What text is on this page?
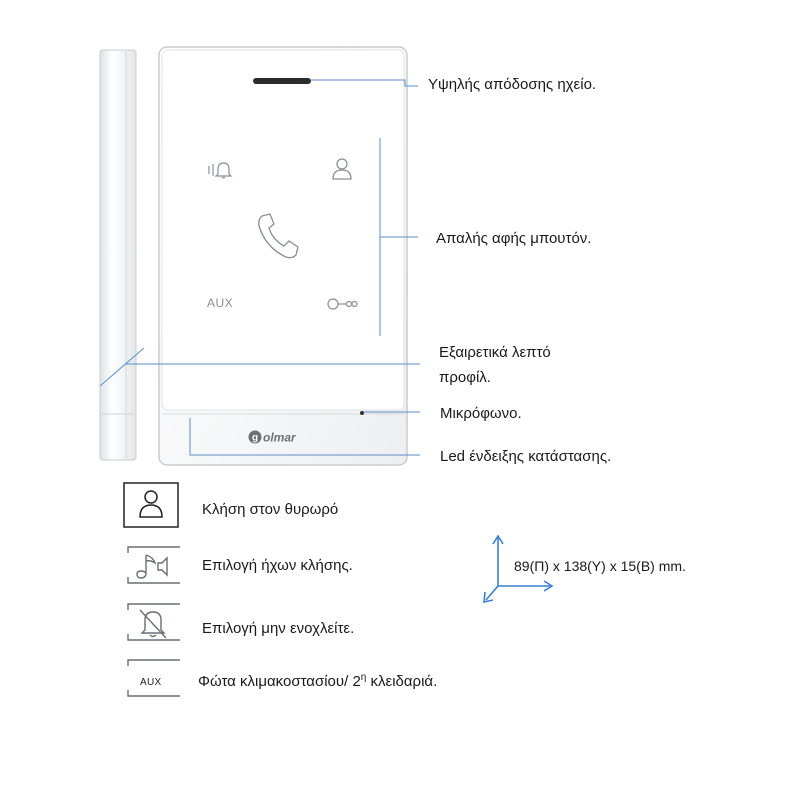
AUX
g olmar
Υψηλής απόδοσης ηχείο.
Απαλής αφής μπουτόν.
Εξαιρετικά λεπτό
προφίλ.
Μικρόφωνο.
Led ένδειξης κατάστασης.
AUX
Κλήση στον θυρωρό
Επιλογή ήχων κλήσης.
Επιλογή μην ενοχλείτε.
Φώτα κλιμακοστασίου/ $2^\eta$ κλειδαριά.
89(Π) x 138(Υ) x 15(Β) mm.
